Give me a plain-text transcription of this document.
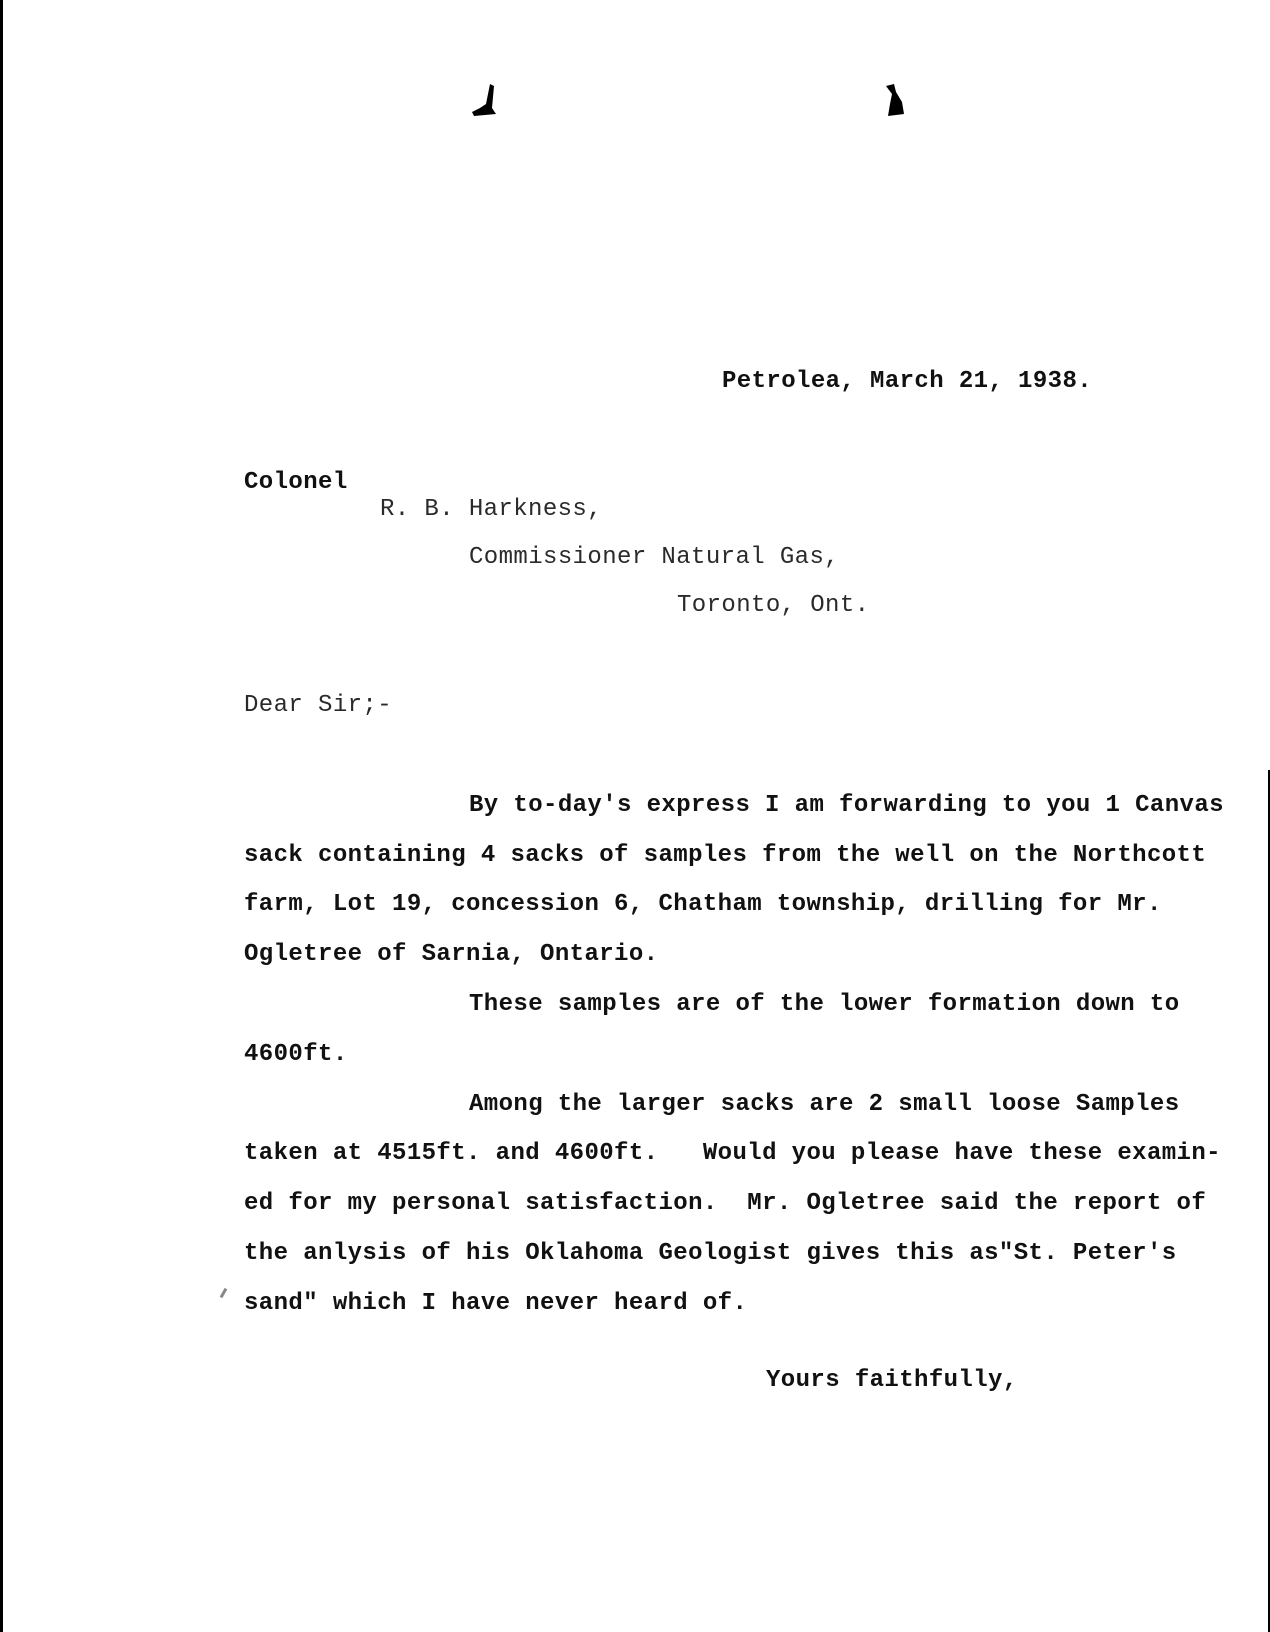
Petrolea, March 21, 1938.
Colonel
R. B. Harkness,
Commissioner Natural Gas,
Toronto, Ont.
Dear Sir;-
By to-day's express I am forwarding to you 1 Canvas
sack containing 4 sacks of samples from the well on the Northcott
farm, Lot 19, concession 6, Chatham township, drilling for Mr.
Ogletree of Sarnia, Ontario.
These samples are of the lower formation down to
4600ft.
Among the larger sacks are 2 small loose Samples
taken at 4515ft. and 4600ft.   Would you please have these examin-
ed for my personal satisfaction.  Mr. Ogletree said the report of
the anlysis of his Oklahoma Geologist gives this as"St. Peter's
sand" which I have never heard of.
Yours faithfully,
